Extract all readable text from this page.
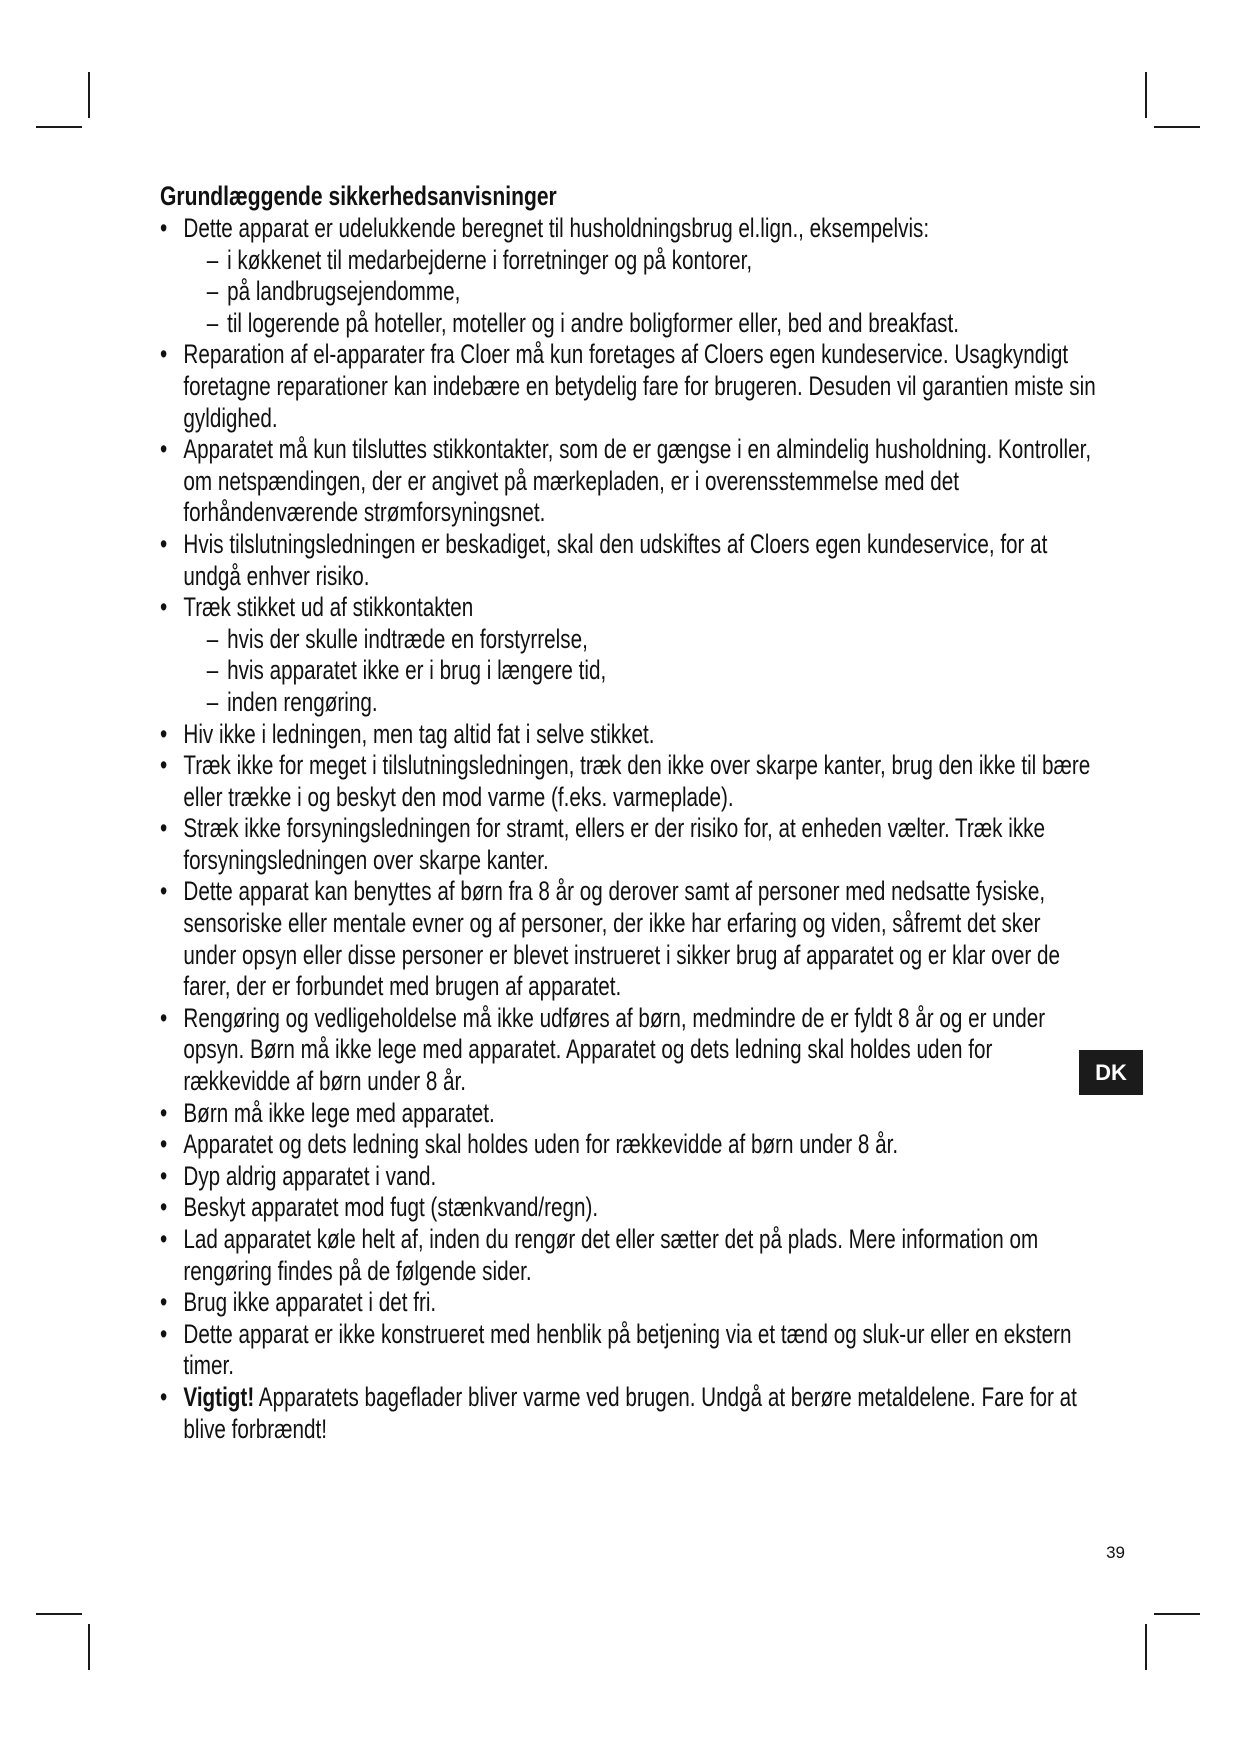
Grundlæggende sikkerhedsanvisninger
• Dette apparat er udelukkende beregnet til husholdningsbrug el.lign., eksempelvis:
– i køkkenet til medarbejderne i forretninger og på kontorer,
– på landbrugsejendomme,
– til logerende på hoteller, moteller og i andre boligformer eller, bed and breakfast.
• Reparation af el-apparater fra Cloer må kun foretages af Cloers egen kundeservice. Usagkyndigt foretagne reparationer kan indebære en betydelig fare for brugeren. Desuden vil garantien miste sin gyldighed.
• Apparatet må kun tilsluttes stikkontakter, som de er gængse i en almindelig husholdning. Kontroller, om netspændingen, der er angivet på mærkepladen, er i overensstemmelse med det forhåndenværende strømforsyningsnet.
• Hvis tilslutningsledningen er beskadiget, skal den udskiftes af Cloers egen kundeservice, for at undgå enhver risiko.
• Træk stikket ud af stikkontakten
– hvis der skulle indtræde en forstyrrelse,
– hvis apparatet ikke er i brug i længere tid,
– inden rengøring.
• Hiv ikke i ledningen, men tag altid fat i selve stikket.
• Træk ikke for meget i tilslutningsledningen, træk den ikke over skarpe kanter, brug den ikke til bære eller trække i og beskyt den mod varme (f.eks. varmeplade).
• Stræk ikke forsyningsledningen for stramt, ellers er der risiko for, at enheden vælter. Træk ikke forsyningsledningen over skarpe kanter.
• Dette apparat kan benyttes af børn fra 8 år og derover samt af personer med nedsatte fysiske, sensoriske eller mentale evner og af personer, der ikke har erfaring og viden, såfremt det sker under opsyn eller disse personer er blevet instrueret i sikker brug af apparatet og er klar over de farer, der er forbundet med brugen af apparatet.
• Rengøring og vedligeholdelse må ikke udføres af børn, medmindre de er fyldt 8 år og er under opsyn. Børn må ikke lege med apparatet. Apparatet og dets ledning skal holdes uden for rækkevidde af børn under 8 år.
• Børn må ikke lege med apparatet.
• Apparatet og dets ledning skal holdes uden for rækkevidde af børn under 8 år.
• Dyp aldrig apparatet i vand.
• Beskyt apparatet mod fugt (stænkvand/regn).
• Lad apparatet køle helt af, inden du rengør det eller sætter det på plads. Mere information om rengøring findes på de følgende sider.
• Brug ikke apparatet i det fri.
• Dette apparat er ikke konstrueret med henblik på betjening via et tænd og sluk-ur eller en ekstern timer.
• Vigtigt! Apparatets bageflader bliver varme ved brugen. Undgå at berøre metaldelene. Fare for at blive forbrændt!
DK
39
